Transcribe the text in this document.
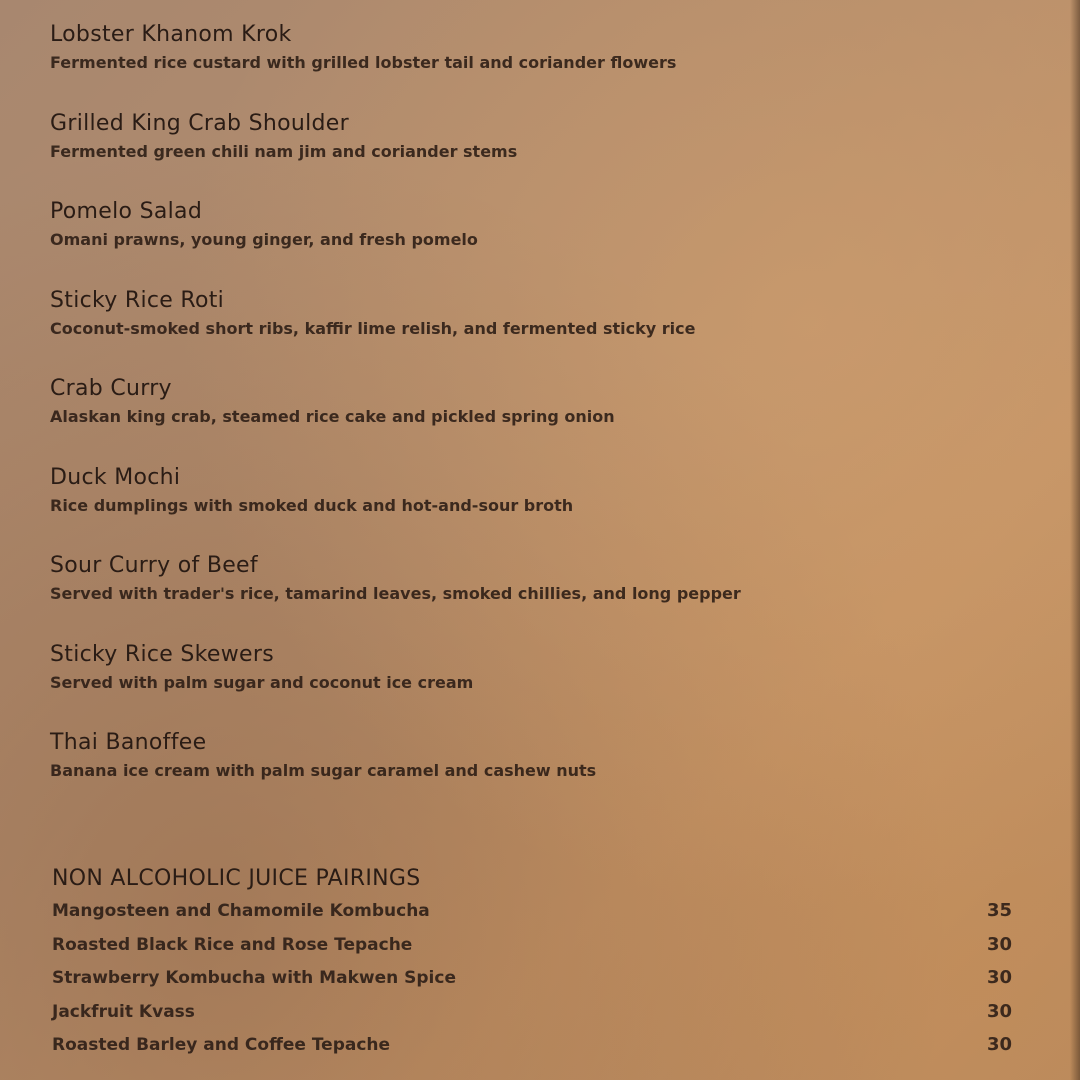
Lobster Khanom Krok
Fermented rice custard with grilled lobster tail and coriander flowers
Grilled King Crab Shoulder
Fermented green chili nam jim and coriander stems
Pomelo Salad
Omani prawns, young ginger, and fresh pomelo
Sticky Rice Roti
Coconut-smoked short ribs, kaffir lime relish, and fermented sticky rice
Crab Curry
Alaskan king crab, steamed rice cake and pickled spring onion
Duck Mochi
Rice dumplings with smoked duck and hot-and-sour broth
Sour Curry of Beef
Served with trader's rice, tamarind leaves, smoked chillies, and long pepper
Sticky Rice Skewers
Served with palm sugar and coconut ice cream
Thai Banoffee
Banana ice cream with palm sugar caramel and cashew nuts
NON ALCOHOLIC JUICE PAIRINGS
Mangosteen and Chamomile Kombucha	35
Roasted Black Rice and Rose Tepache	30
Strawberry Kombucha with Makwen Spice	30
Jackfruit Kvass	30
Roasted Barley and Coffee Tepache	30
